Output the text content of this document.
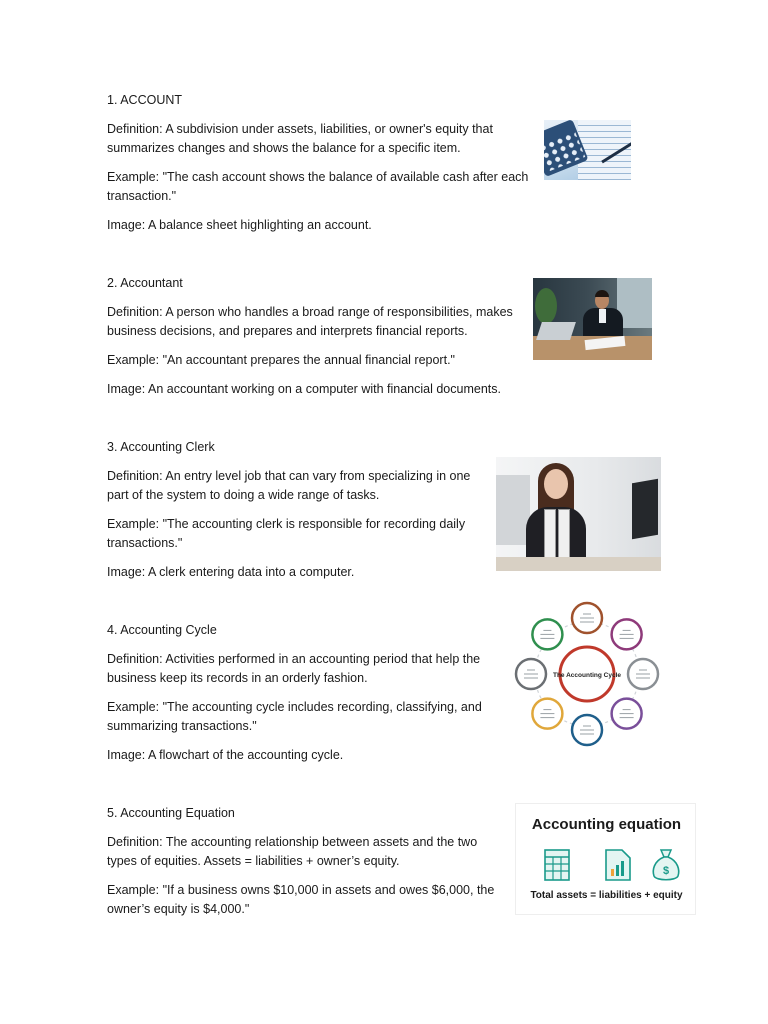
1. ACCOUNT

Definition: A subdivision under assets, liabilities, or owner's equity that summarizes changes and shows the balance for a specific item.

Example: "The cash account shows the balance of available cash after each transaction."

Image: A balance sheet highlighting an account.

2. Accountant

Definition: A person who handles a broad range of responsibilities, makes business decisions, and prepares and interprets financial reports.

Example: "An accountant prepares the annual financial report."

Image: An accountant working on a computer with financial documents.

3. Accounting Clerk

Definition: An entry level job that can vary from specializing in one part of the system to doing a wide range of tasks.

Example: "The accounting clerk is responsible for recording daily transactions."

Image: A clerk entering data into a computer.

4. Accounting Cycle

Definition: Activities performed in an accounting period that help the business keep its records in an orderly fashion.

Example: "The accounting cycle includes recording, classifying, and summarizing transactions."

Image: A flowchart of the accounting cycle.

The Accounting Cycle

5. Accounting Equation

Definition: The accounting relationship between assets and the two types of equities. Assets = liabilities + owner’s equity.

Example: "If a business owns $10,000 in assets and owes $6,000, the owner’s equity is $4,000."

Accounting equation
$
Total assets = liabilities + equity
